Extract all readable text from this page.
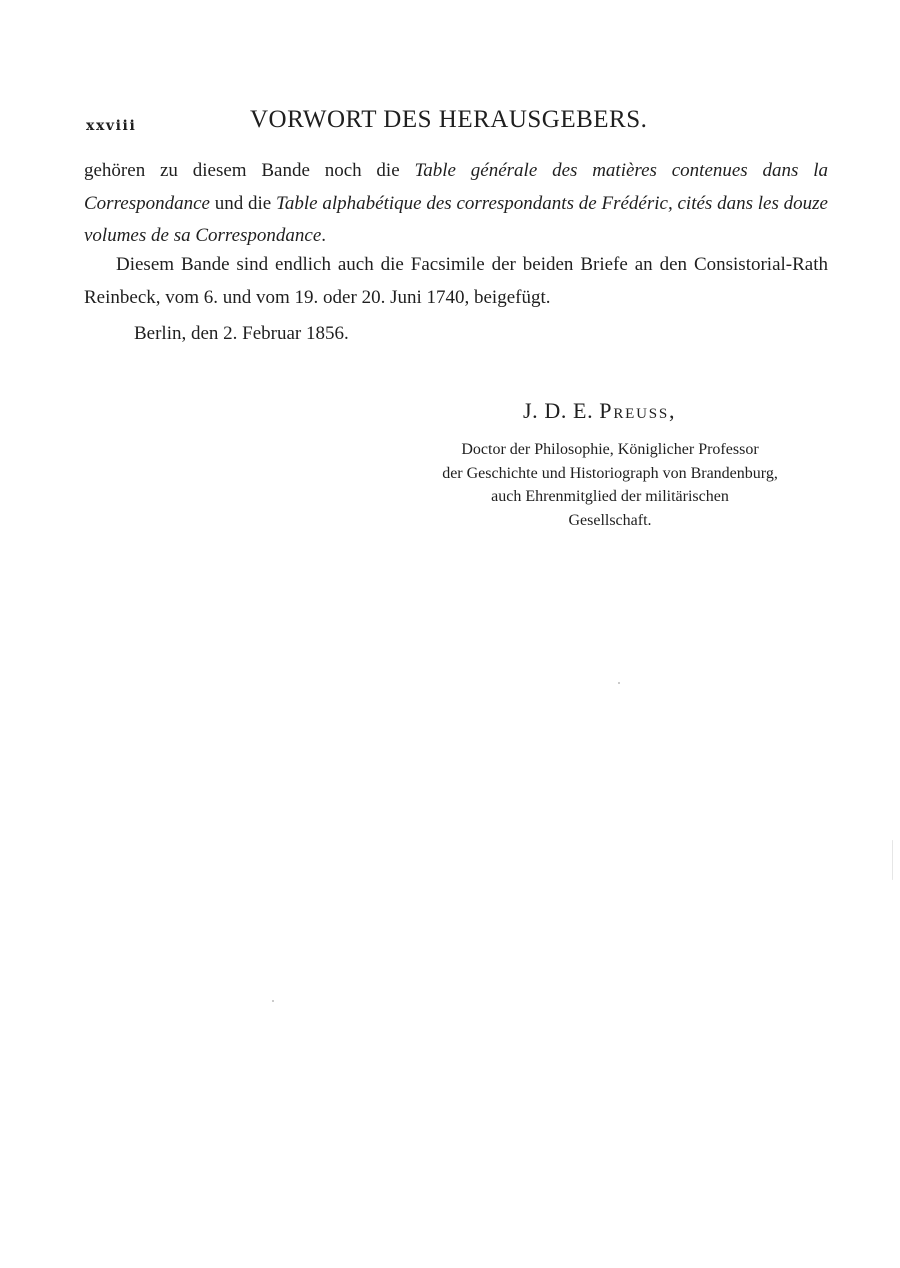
xxviii	VORWORT DES HERAUSGEBERS.
gehören zu diesem Bande noch die Table générale des matières contenues dans la Correspondance und die Table alphabétique des correspondants de Frédéric, cités dans les douze volumes de sa Correspondance.
Diesem Bande sind endlich auch die Facsimile der beiden Briefe an den Consistorial-Rath Reinbeck, vom 6. und vom 19. oder 20. Juni 1740, beigefügt.
Berlin, den 2. Februar 1856.
J. D. E. Preuss,
Doctor der Philosophie, Königlicher Professor
der Geschichte und Historiograph von Brandenburg,
auch Ehrenmitglied der militärischen
Gesellschaft.
